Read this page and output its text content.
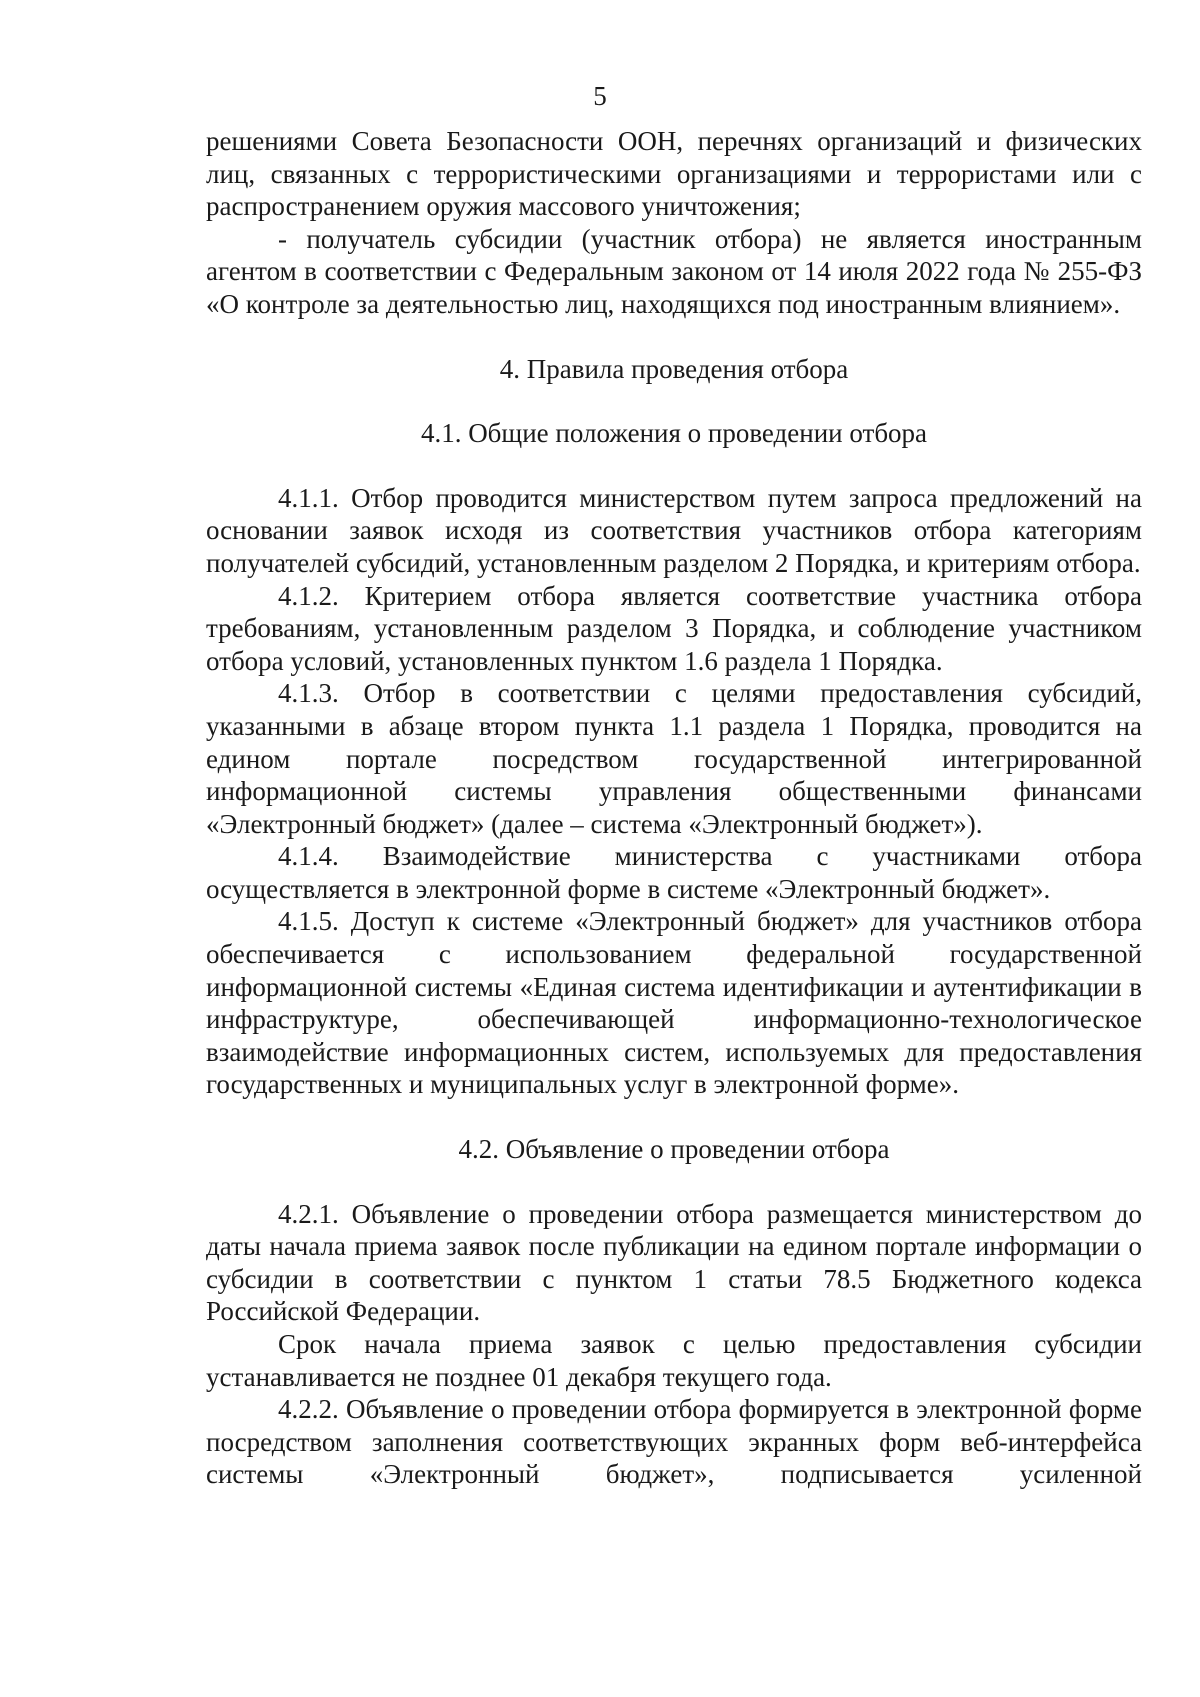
5

решениями Совета Безопасности ООН, перечнях организаций и физических лиц, связанных с террористическими организациями и террористами или с распространением оружия массового уничтожения;

- получатель субсидии (участник отбора) не является иностранным агентом в соответствии с Федеральным законом от 14 июля 2022 года № 255-ФЗ «О контроле за деятельностью лиц, находящихся под иностранным влиянием».

4. Правила проведения отбора

4.1. Общие положения о проведении отбора

4.1.1. Отбор проводится министерством путем запроса предложений на основании заявок исходя из соответствия участников отбора категориям получателей субсидий, установленным разделом 2 Порядка, и критериям отбора.

4.1.2. Критерием отбора является соответствие участника отбора требованиям, установленным разделом 3 Порядка, и соблюдение участником отбора условий, установленных пунктом 1.6 раздела 1 Порядка.

4.1.3. Отбор в соответствии с целями предоставления субсидий, указанными в абзаце втором пункта 1.1 раздела 1 Порядка, проводится на едином портале посредством государственной интегрированной информационной системы управления общественными финансами «Электронный бюджет» (далее – система «Электронный бюджет»).

4.1.4. Взаимодействие министерства с участниками отбора осуществляется в электронной форме в системе «Электронный бюджет».

4.1.5. Доступ к системе «Электронный бюджет» для участников отбора обеспечивается с использованием федеральной государственной информационной системы «Единая система идентификации и аутентификации в инфраструктуре, обеспечивающей информационно-технологическое взаимодействие информационных систем, используемых для предоставления государственных и муниципальных услуг в электронной форме».

4.2. Объявление о проведении отбора

4.2.1. Объявление о проведении отбора размещается министерством до даты начала приема заявок после публикации на едином портале информации о субсидии в соответствии с пунктом 1 статьи 78.5 Бюджетного кодекса Российской Федерации.

Срок начала приема заявок с целью предоставления субсидии устанавливается не позднее 01 декабря текущего года.

4.2.2. Объявление о проведении отбора формируется в электронной форме посредством заполнения соответствующих экранных форм веб-интерфейса системы «Электронный бюджет», подписывается усиленной
